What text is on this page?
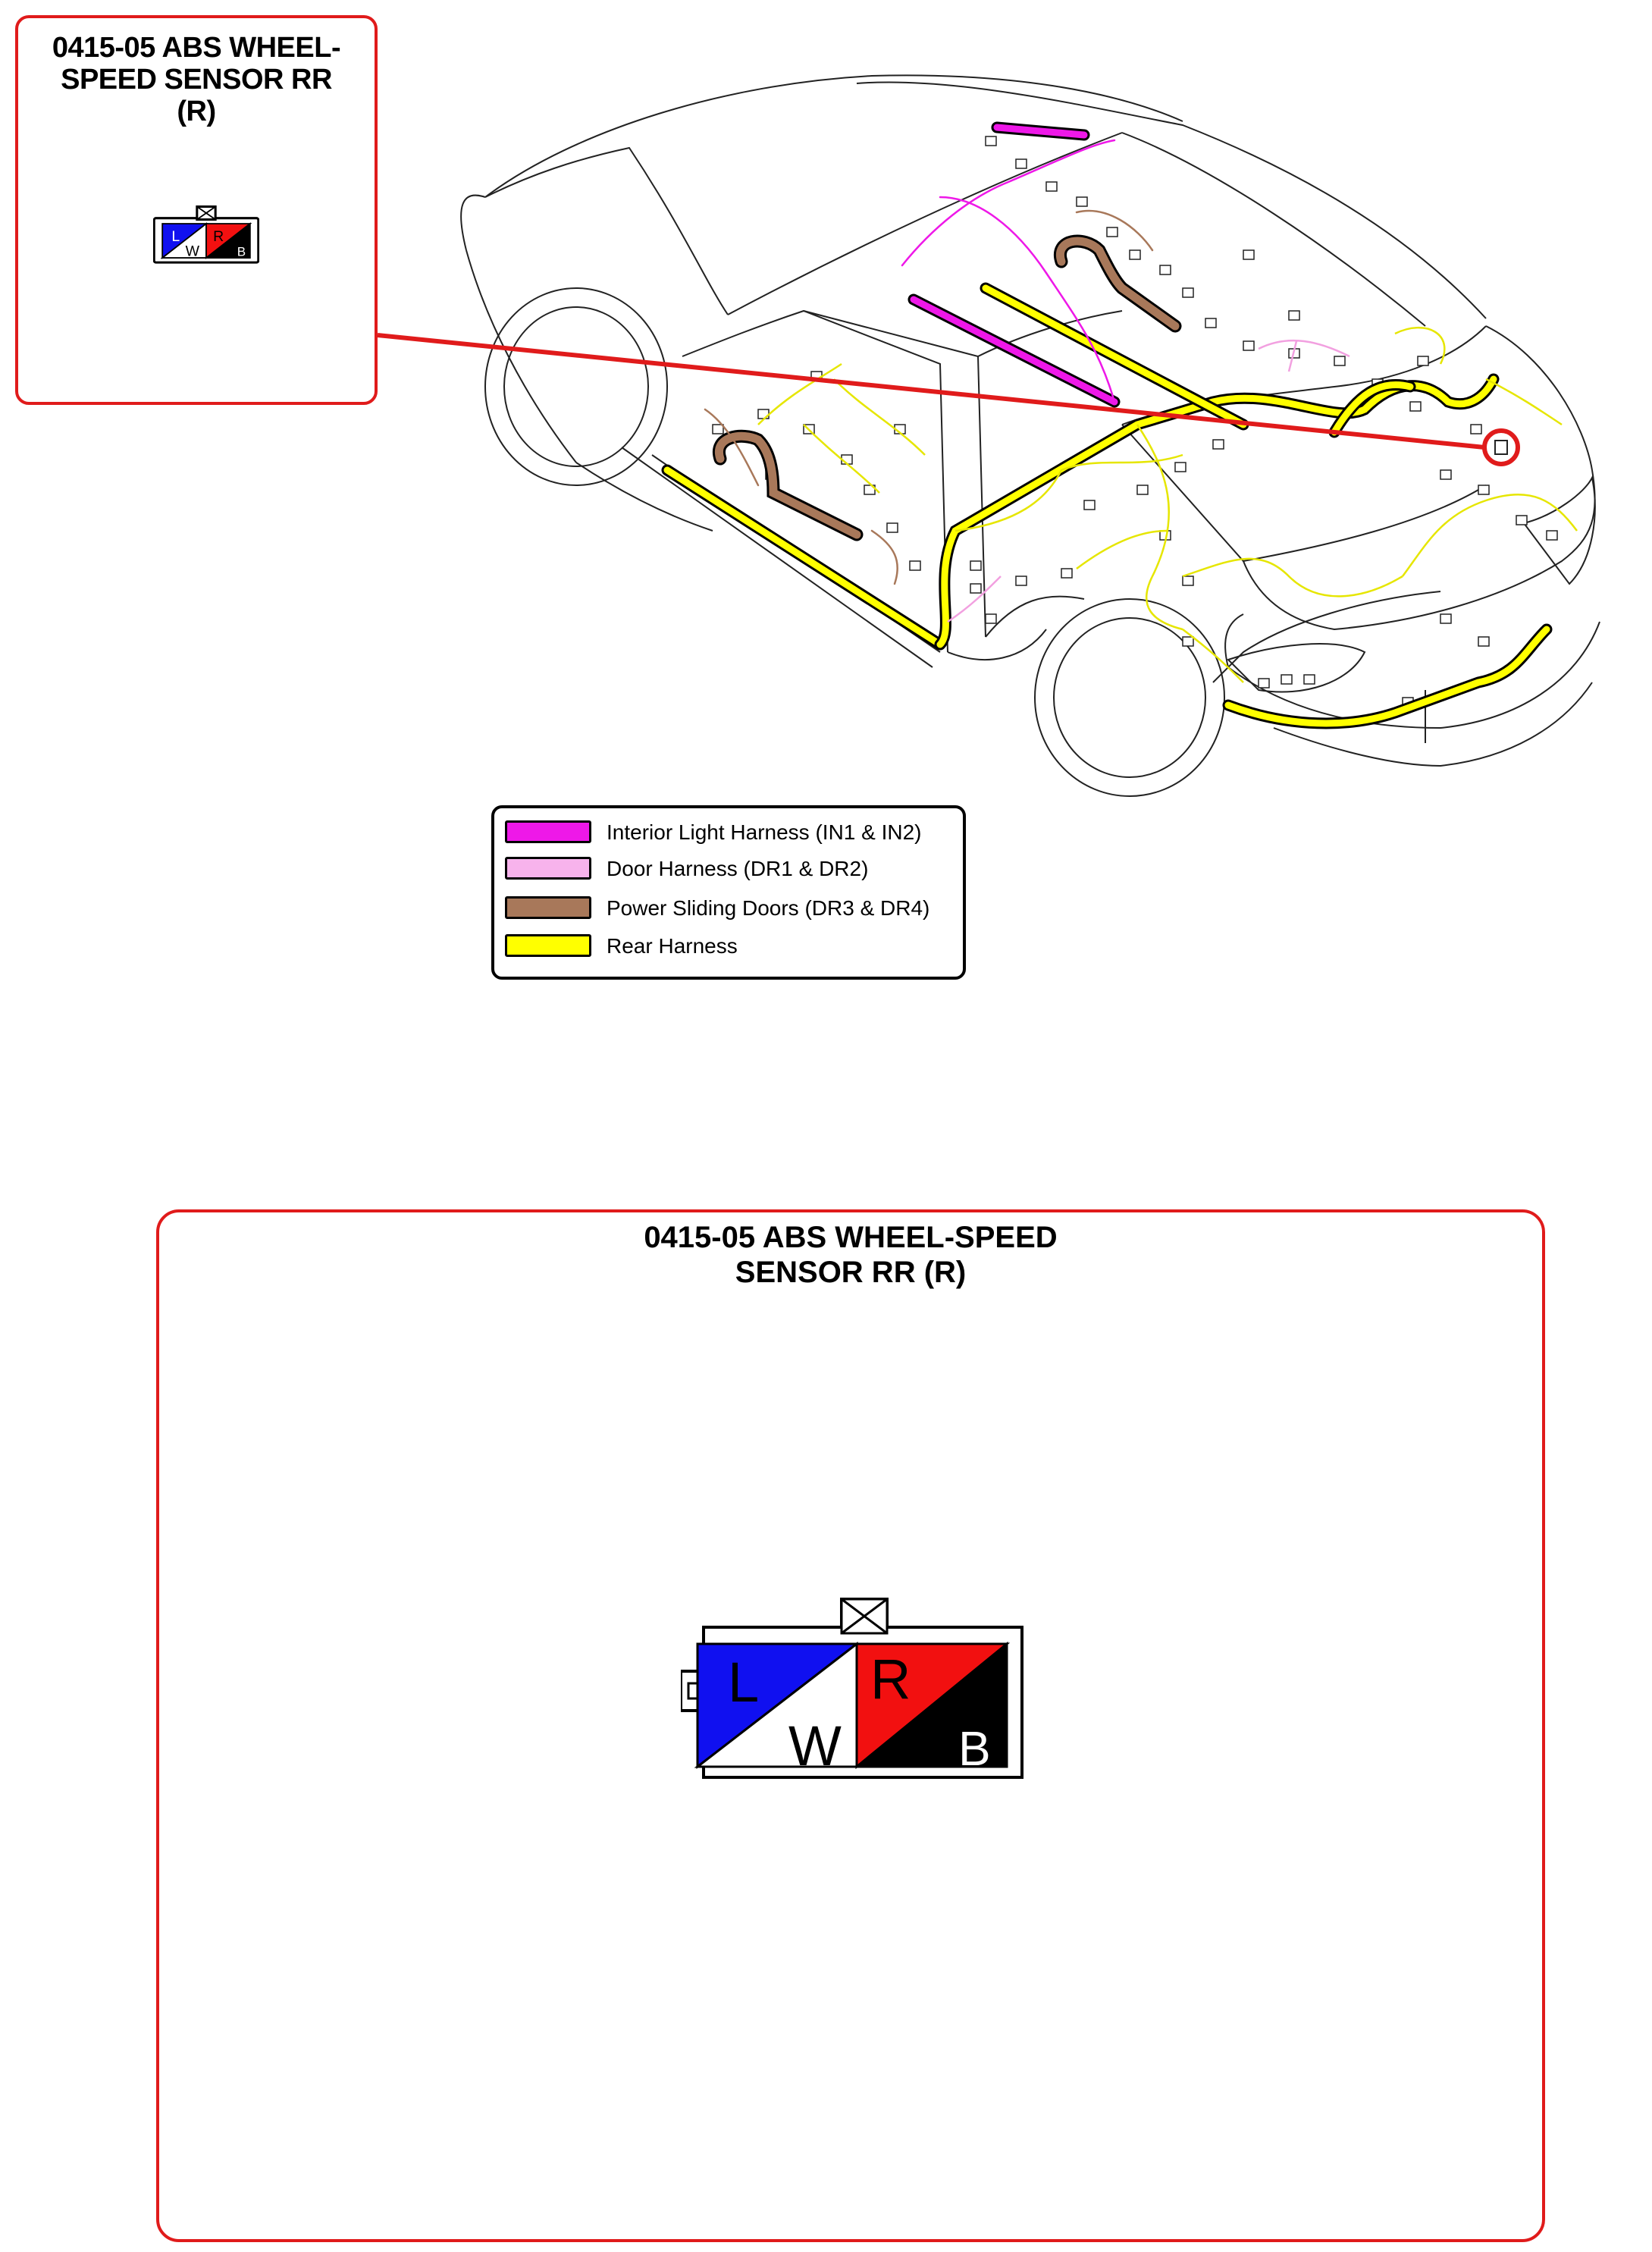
0415-05 ABS WHEEL-
SPEED SENSOR RR
(R)
L
W
R
B
Interior Light Harness (IN1 & IN2)
Door Harness (DR1 & DR2)
Power Sliding Doors (DR3 & DR4)
Rear Harness
0415-05 ABS WHEEL-SPEED
SENSOR RR (R)
L
W
R
B
